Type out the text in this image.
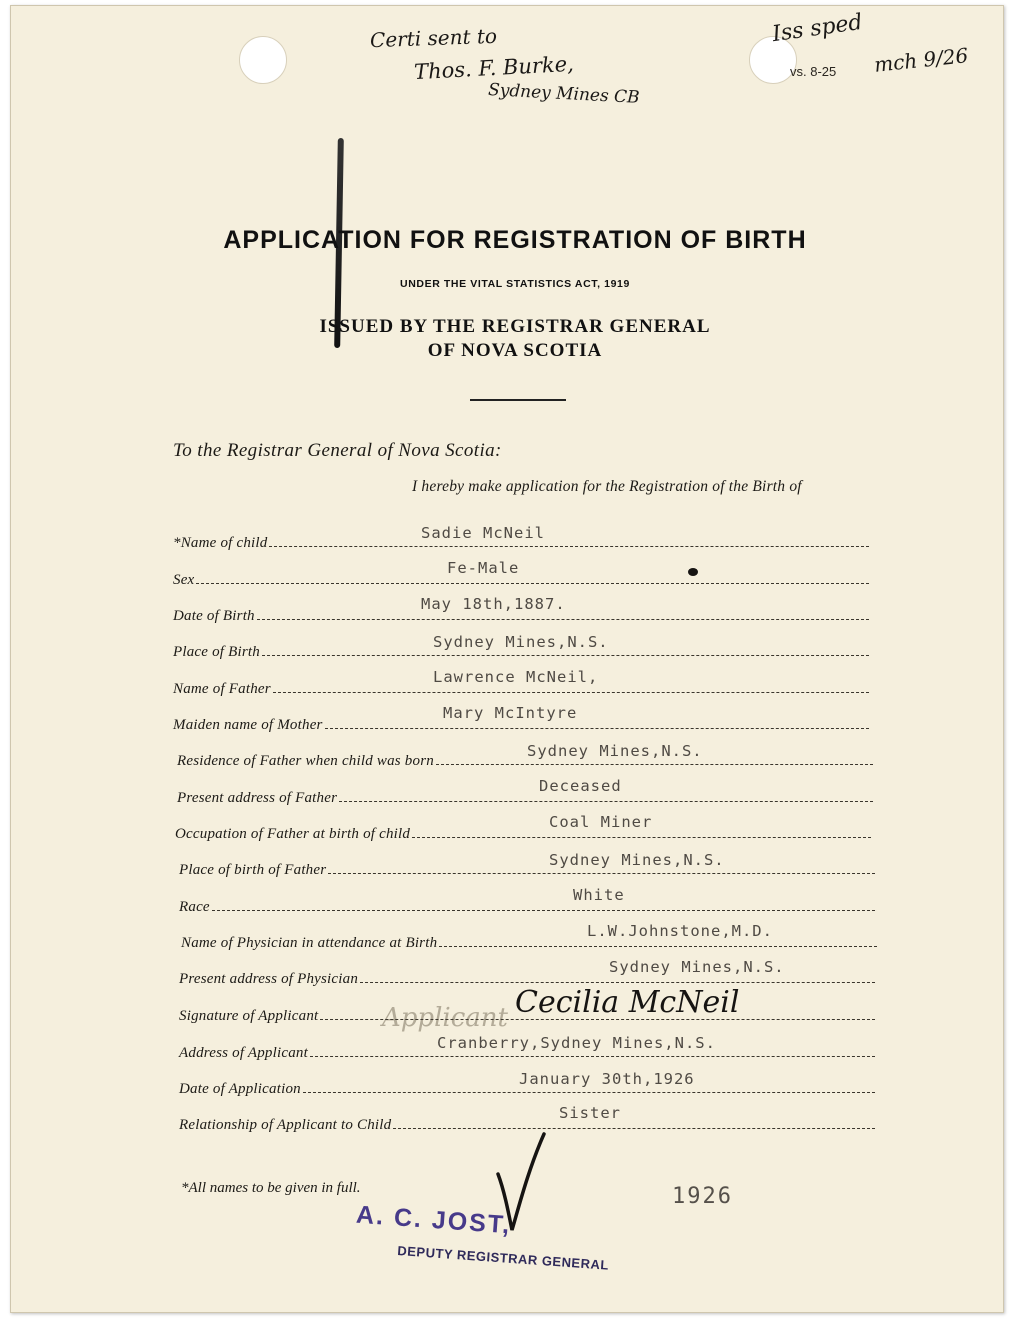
vs. 8-25
Certi sent to
Thos. F. Burke,
Sydney Mines CB
Iss sped
mch 9/26
APPLICATION FOR REGISTRATION OF BIRTH
UNDER THE VITAL STATISTICS ACT, 1919
ISSUED BY THE REGISTRAR GENERAL
OF NOVA SCOTIA
To the Registrar General of Nova Scotia:
I hereby make application for the Registration of the Birth of
*Name of child
Sadie McNeil
Sex
Fe-Male
Date of Birth
May 18th,1887.
Place of Birth
Sydney Mines,N.S.
Name of Father
Lawrence McNeil,
Maiden name of Mother
Mary McIntyre
Residence of Father when child was born
Sydney Mines,N.S.
Present address of Father
Deceased
Occupation of Father at birth of child
Coal Miner
Place of birth of Father
Sydney Mines,N.S.
Race
White
Name of Physician in attendance at Birth
L.W.Johnstone,M.D.
Present address of Physician
Sydney Mines,N.S.
Applicant
Signature of Applicant	Cecilia McNeil
Address of Applicant
Cranberry,Sydney Mines,N.S.
Date of Application
January 30th,1926
Relationship of Applicant to Child
Sister
*All names to be given in full.
A. C. JOST,
DEPUTY REGISTRAR GENERAL
1926
